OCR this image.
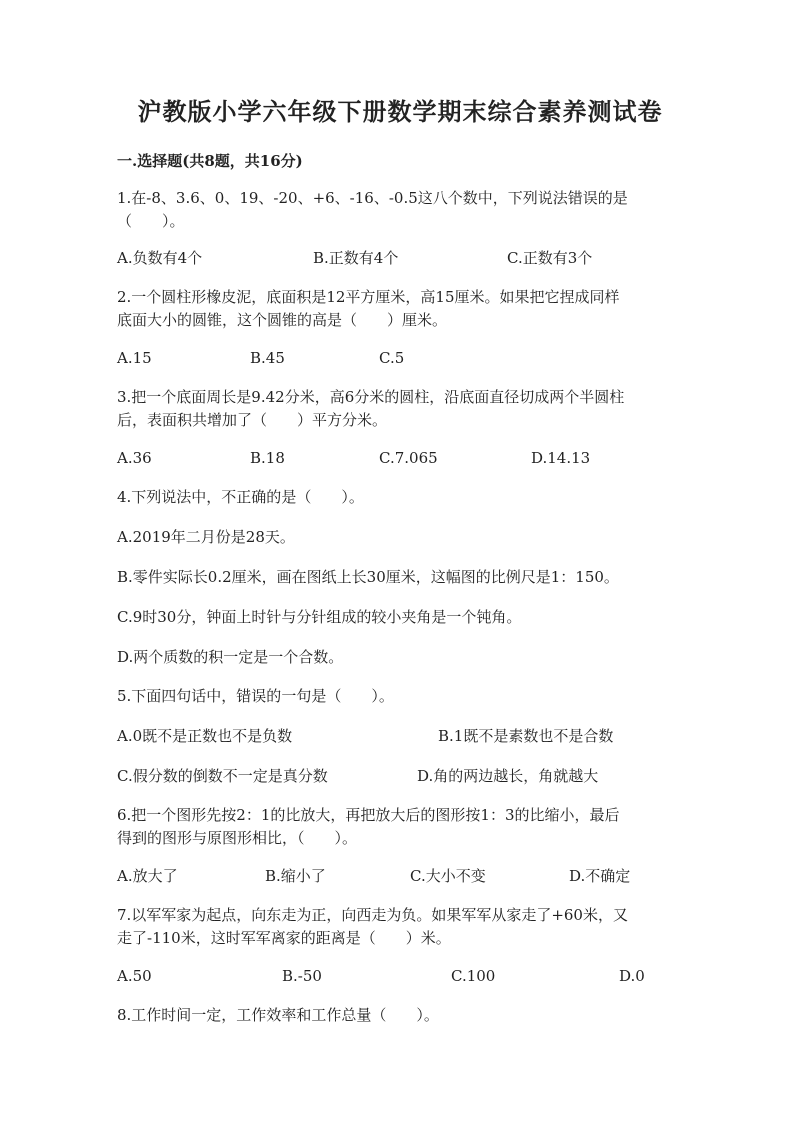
沪教版小学六年级下册数学期末综合素养测试卷
一.选择题(共8题，共16分)
1.在-8、3.6、0、19、-20、+6、-16、-0.5这八个数中，下列说法错误的是
（　　）。
A.负数有4个	B.正数有4个	C.正数有3个
2.一个圆柱形橡皮泥，底面积是12平方厘米，高15厘米。如果把它捏成同样
底面大小的圆锥，这个圆锥的高是（　　）厘米。
A.15	B.45	C.5
3.把一个底面周长是9.42分米，高6分米的圆柱，沿底面直径切成两个半圆柱
后，表面积共增加了（　　）平方分米。
A.36	B.18	C.7.065	D.14.13
4.下列说法中，不正确的是（　　）。
A.2019年二月份是28天。
B.零件实际长0.2厘米，画在图纸上长30厘米，这幅图的比例尺是1：150。
C.9时30分，钟面上时针与分针组成的较小夹角是一个钝角。
D.两个质数的积一定是一个合数。
5.下面四句话中，错误的一句是（　　）。
A.0既不是正数也不是负数	B.1既不是素数也不是合数
C.假分数的倒数不一定是真分数	D.角的两边越长，角就越大
6.把一个图形先按2：1的比放大，再把放大后的图形按1：3的比缩小，最后
得到的图形与原图形相比，（　　）。
A.放大了	B.缩小了	C.大小不变	D.不确定
7.以军军家为起点，向东走为正，向西走为负。如果军军从家走了+60米，又
走了-110米，这时军军离家的距离是（　　）米。
A.50	B.-50	C.100	D.0
8.工作时间一定，工作效率和工作总量（　　）。
